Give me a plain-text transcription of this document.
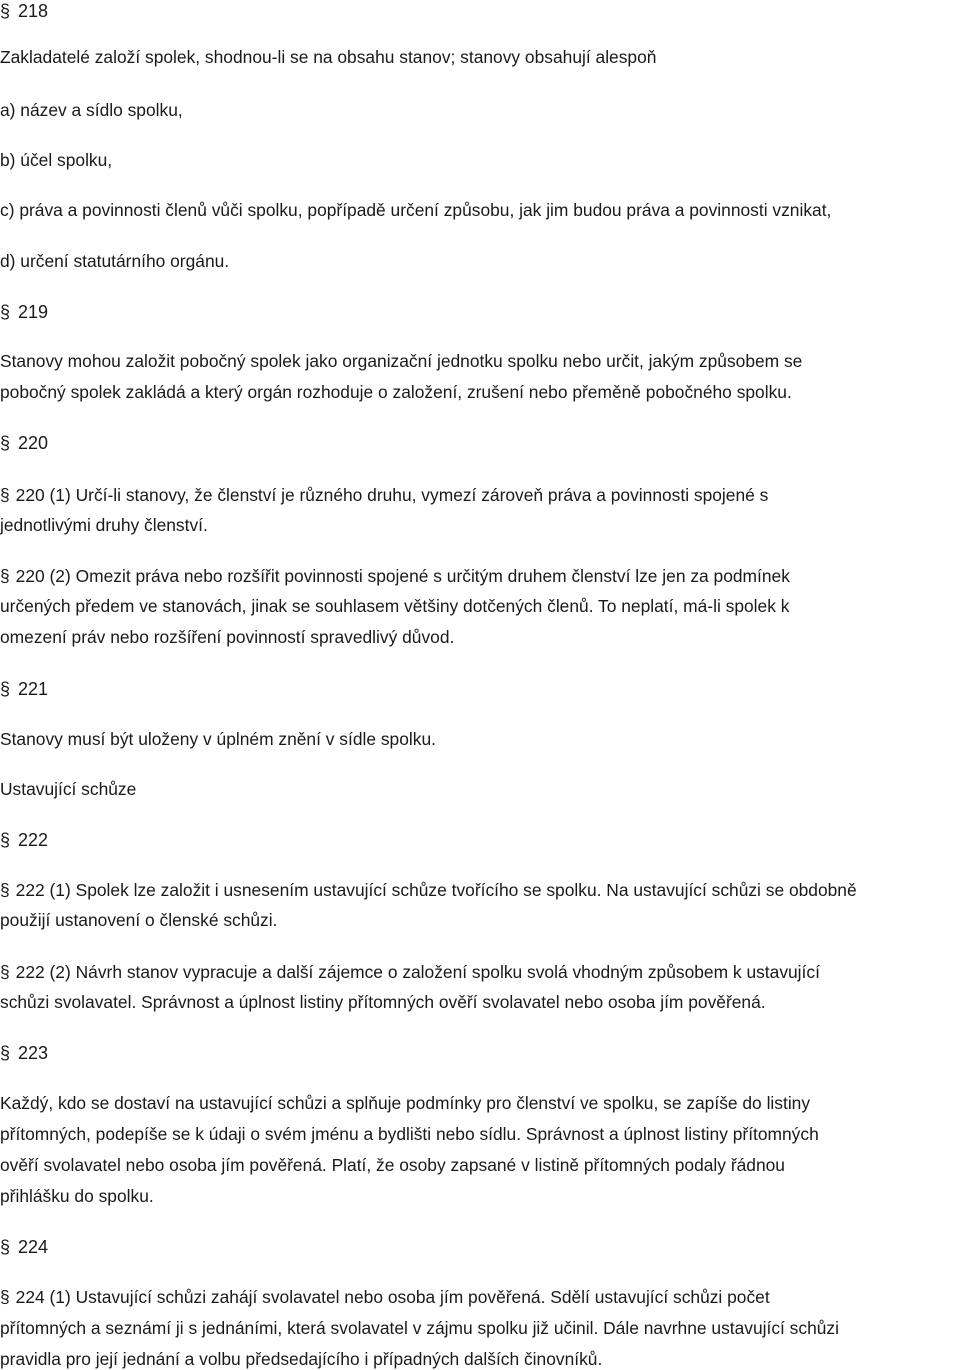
§ 218
Zakladatelé založí spolek, shodnou-li se na obsahu stanov; stanovy obsahují alespoň
a) název a sídlo spolku,
b) účel spolku,
c) práva a povinnosti členů vůči spolku, popřípadě určení způsobu, jak jim budou práva a povinnosti vznikat,
d) určení statutárního orgánu.
§ 219
Stanovy mohou založit pobočný spolek jako organizační jednotku spolku nebo určit, jakým způsobem se
pobočný spolek zakládá a který orgán rozhoduje o založení, zrušení nebo přeměně pobočného spolku.
§ 220
§ 220 (1) Určí-li stanovy, že členství je různého druhu, vymezí zároveň práva a povinnosti spojené s
jednotlivými druhy členství.
§ 220 (2) Omezit práva nebo rozšířit povinnosti spojené s určitým druhem členství lze jen za podmínek
určených předem ve stanovách, jinak se souhlasem většiny dotčených členů. To neplatí, má-li spolek k
omezení práv nebo rozšíření povinností spravedlivý důvod.
§ 221
Stanovy musí být uloženy v úplném znění v sídle spolku.
Ustavující schůze
§ 222
§ 222 (1) Spolek lze založit i usnesením ustavující schůze tvořícího se spolku. Na ustavující schůzi se obdobně
použijí ustanovení o členské schůzi.
§ 222 (2) Návrh stanov vypracuje a další zájemce o založení spolku svolá vhodným způsobem k ustavující
schůzi svolavatel. Správnost a úplnost listiny přítomných ověří svolavatel nebo osoba jím pověřená.
§ 223
Každý, kdo se dostaví na ustavující schůzi a splňuje podmínky pro členství ve spolku, se zapíše do listiny
přítomných, podepíše se k údaji o svém jménu a bydlišti nebo sídlu. Správnost a úplnost listiny přítomných
ověří svolavatel nebo osoba jím pověřená. Platí, že osoby zapsané v listině přítomných podaly řádnou
přihlášku do spolku.
§ 224
§ 224 (1) Ustavující schůzi zahájí svolavatel nebo osoba jím pověřená. Sdělí ustavující schůzi počet
přítomných a seznámí ji s jednáními, která svolavatel v zájmu spolku již učinil. Dále navrhne ustavující schůzi
pravidla pro její jednání a volbu předsedajícího i případných dalších činovníků.
